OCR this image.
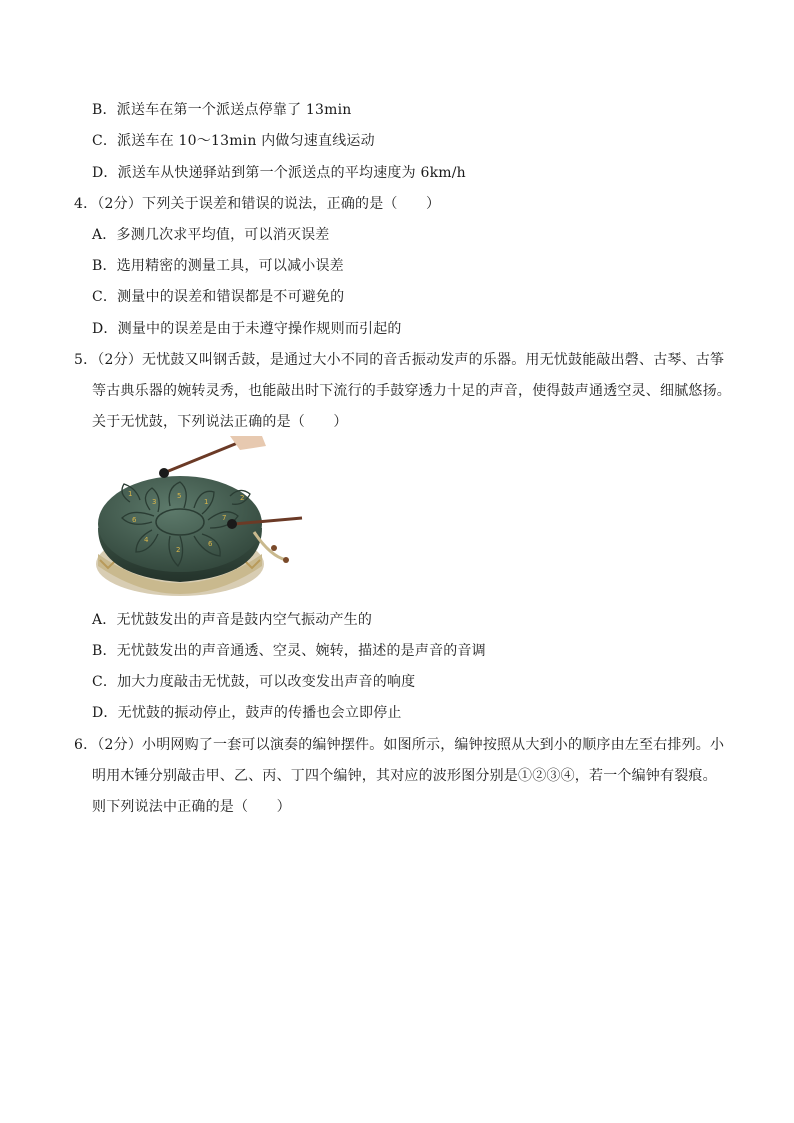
B．派送车在第一个派送点停靠了 13min
C．派送车在 10～13min 内做匀速直线运动
D．派送车从快递驿站到第一个派送点的平均速度为 6km/h
4．（2分）下列关于误差和错误的说法，正确的是（　　）
A．多测几次求平均值，可以消灭误差
B．选用精密的测量工具，可以减小误差
C．测量中的误差和错误都是不可避免的
D．测量中的误差是由于未遵守操作规则而引起的
5．（2分）无忧鼓又叫钢舌鼓，是通过大小不同的音舌振动发声的乐器。用无忧鼓能敲出磬、古琴、古筝
等古典乐器的婉转灵秀，也能敲出时下流行的手鼓穿透力十足的声音，使得鼓声通透空灵、细腻悠扬。
关于无忧鼓，下列说法正确的是（　　）
3
5
1
7
6
2
4
6
1	2
A．无忧鼓发出的声音是鼓内空气振动产生的
B．无忧鼓发出的声音通透、空灵、婉转，描述的是声音的音调
C．加大力度敲击无忧鼓，可以改变发出声音的响度
D．无忧鼓的振动停止，鼓声的传播也会立即停止
6．（2分）小明网购了一套可以演奏的编钟摆件。如图所示，编钟按照从大到小的顺序由左至右排列。小
明用木锤分别敲击甲、乙、丙、丁四个编钟，其对应的波形图分别是①②③④，若一个编钟有裂痕。
则下列说法中正确的是（　　）
